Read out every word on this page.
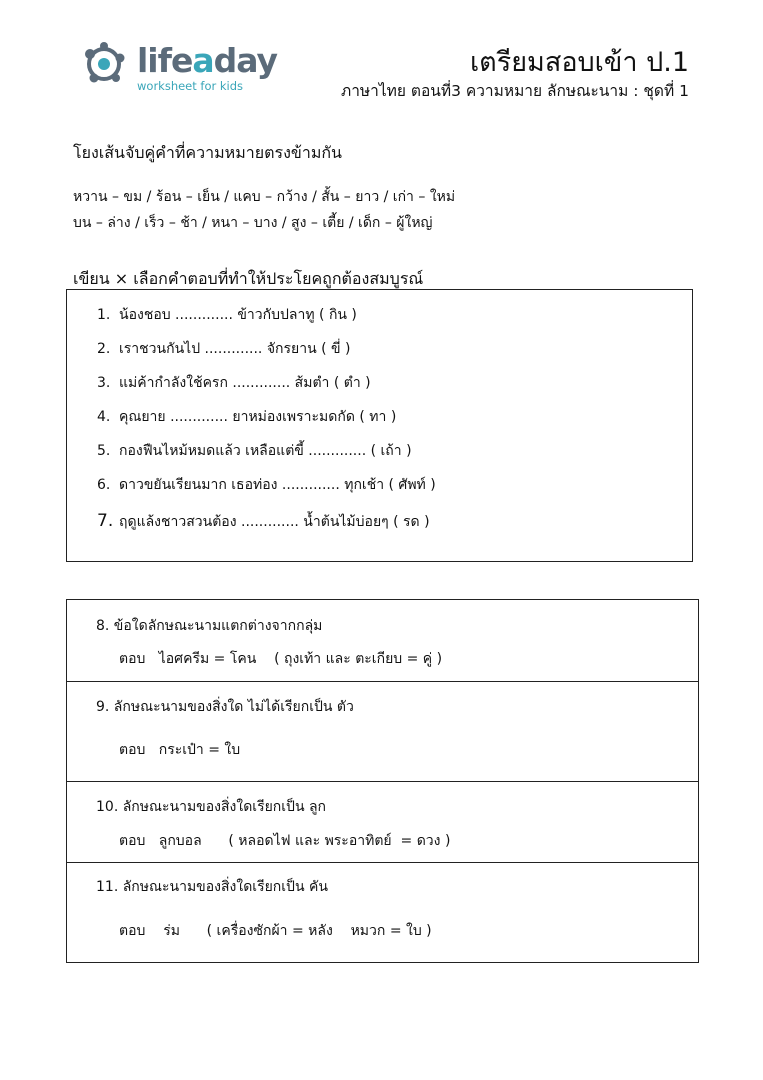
lifeaday
worksheet for kids
เตรียมสอบเข้า ป.1
ภาษาไทย ตอนที่3 ความหมาย ลักษณะนาม : ชุดที่ 1
โยงเส้นจับคู่คำที่ความหมายตรงข้ามกัน
หวาน – ขม / ร้อน – เย็น / แคบ – กว้าง / สั้น – ยาว / เก่า – ใหม่
บน – ล่าง / เร็ว – ช้า / หนา – บาง / สูง – เตี้ย / เด็ก – ผู้ใหญ่
เขียน × เลือกคำตอบที่ทำให้ประโยคถูกต้องสมบูรณ์
1. น้องชอบ ............. ข้าวกับปลาทู ( กิน )
2. เราชวนกันไป ............. จักรยาน ( ขี่ )
3. แม่ค้ากำลังใช้ครก ............. ส้มตำ ( ตำ )
4. คุณยาย ............. ยาหม่องเพราะมดกัด ( ทา )
5. กองฟืนไหม้หมดแล้ว เหลือแต่ขี้ ............. ( เถ้า )
6. ดาวขยันเรียนมาก เธอท่อง ............. ทุกเช้า ( ศัพท์ )
7. ฤดูแล้งชาวสวนต้อง ............. น้ำต้นไม้บ่อยๆ ( รด )
8. ข้อใดลักษณะนามแตกต่างจากกลุ่ม
ตอบ   ไอศครีม = โคน    ( ถุงเท้า และ ตะเกียบ = คู่ )
9. ลักษณะนามของสิ่งใด ไม่ได้เรียกเป็น ตัว
ตอบ   กระเป๋า = ใบ
10. ลักษณะนามของสิ่งใดเรียกเป็น ลูก
ตอบ   ลูกบอล      ( หลอดไฟ และ พระอาทิตย์  = ดวง )
11. ลักษณะนามของสิ่งใดเรียกเป็น คัน
ตอบ    ร่ม      ( เครื่องซักผ้า = หลัง    หมวก = ใบ )
